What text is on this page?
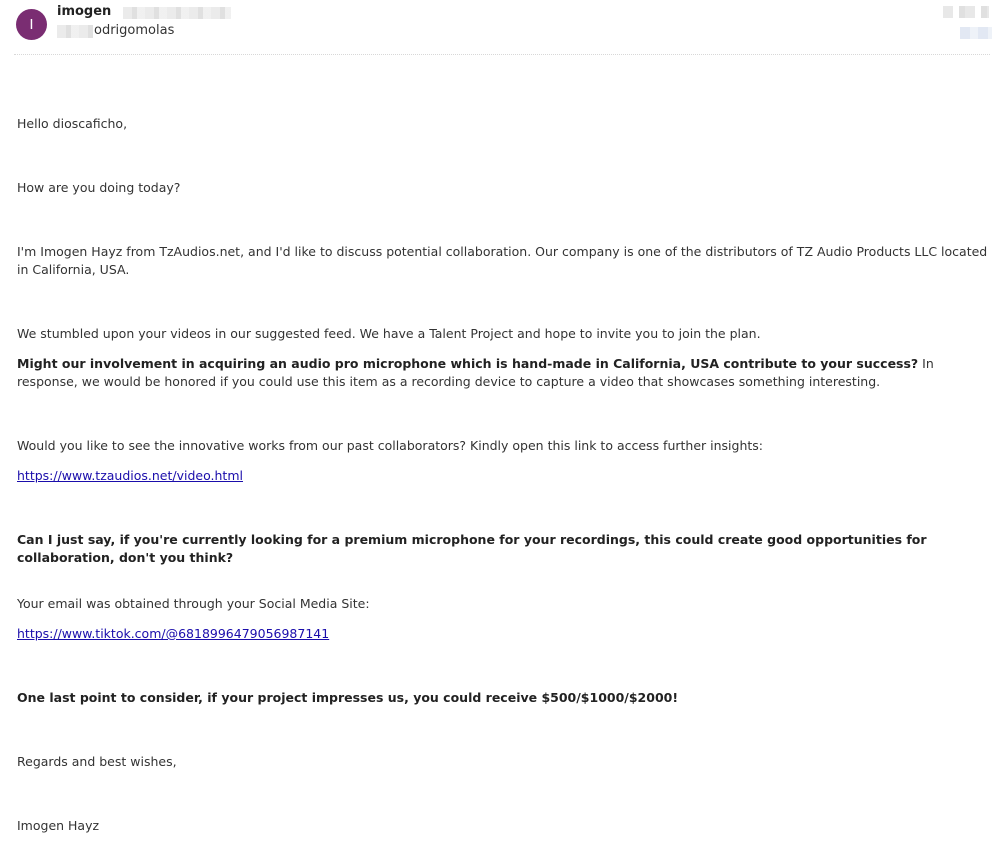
I
imogen
odrigomolas

Hello dioscaficho,

How are you doing today?

I'm Imogen Hayz from TzAudios.net, and I'd like to discuss potential collaboration. Our company is one of the distributors of TZ Audio Products LLC located in California, USA.

We stumbled upon your videos in our suggested feed. We have a Talent Project and hope to invite you to join the plan.

Might our involvement in acquiring an audio pro microphone which is hand-made in California, USA contribute to your success? In response, we would be honored if you could use this item as a recording device to capture a video that showcases something interesting.

Would you like to see the innovative works from our past collaborators? Kindly open this link to access further insights:

https://www.tzaudios.net/video.html

Can I just say, if you're currently looking for a premium microphone for your recordings, this could create good opportunities for collaboration, don't you think?

Your email was obtained through your Social Media Site:

https://www.tiktok.com/@6818996479056987141

One last point to consider, if your project impresses us, you could receive $500/$1000/$2000!

Regards and best wishes,

Imogen Hayz
